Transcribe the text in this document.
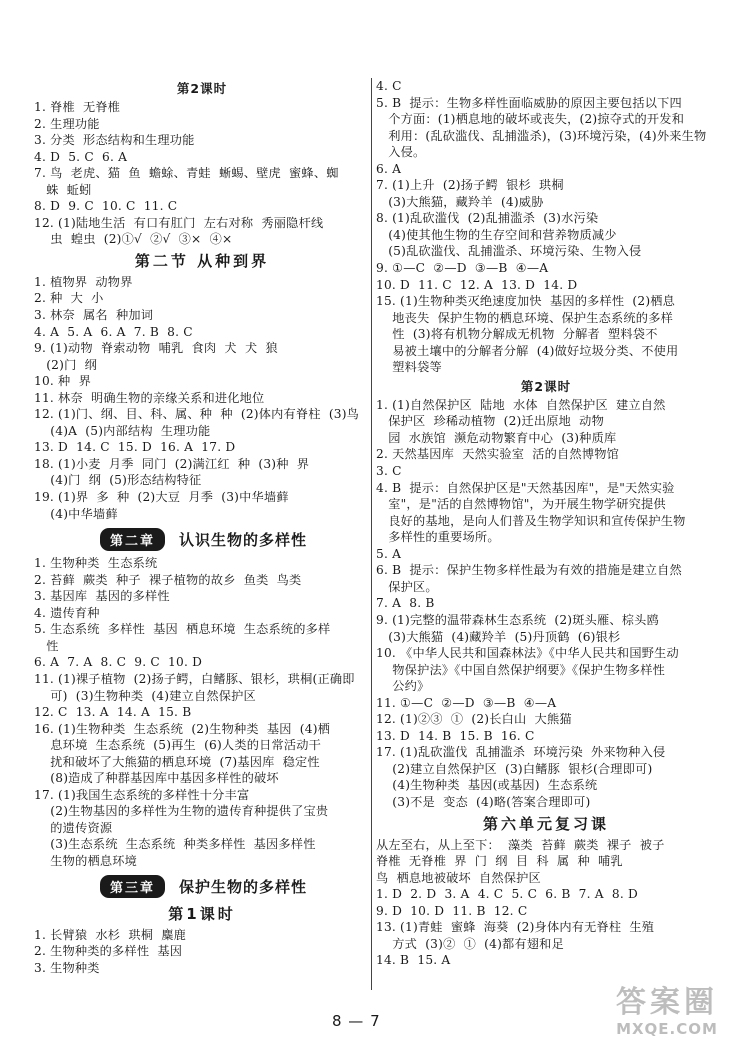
第2课时
1. 脊椎  无脊椎
2. 生理功能
3. 分类  形态结构和生理功能
4. D  5. C  6. A
7. 鸟  老虎、猫  鱼  蟾蜍、青蛙  蜥蜴、壁虎  蜜蜂、蜘
蛛  蚯蚓
8. D  9. C  10. C  11. C
12. (1)陆地生活  有口有肛门  左右对称  秀丽隐杆线
虫  蝗虫  (2)①√  ②√  ③×  ④×
第二节 从种到界
1. 植物界  动物界
2. 种  大  小
3. 林奈  属名  种加词
4. A  5. A  6. A  7. B  8. C
9. (1)动物  脊索动物  哺乳  食肉  犬  犬  狼
(2)门  纲
10. 种  界
11. 林奈  明确生物的亲缘关系和进化地位
12. (1)门、纲、目、科、属、种  种  (2)体内有脊柱  (3)鸟
(4)A  (5)内部结构  生理功能
13. D  14. C  15. D  16. A  17. D
18. (1)小麦  月季  同门  (2)满江红  种  (3)种  界
(4)门  纲  (5)形态结构特征
19. (1)界  多  种  (2)大豆  月季  (3)中华墙藓
(4)中华墙藓
第二章	认识生物的多样性
1. 生物种类  生态系统
2. 苔藓  蕨类  种子  裸子植物的故乡  鱼类  鸟类
3. 基因库  基因的多样性
4. 遗传育种
5. 生态系统  多样性  基因  栖息环境  生态系统的多样
性
6. A  7. A  8. C  9. C  10. D
11. (1)裸子植物  (2)扬子鳄，白鳍豚、银杉，珙桐(正确即
可)  (3)生物种类  (4)建立自然保护区
12. C  13. A  14. A  15. B
16. (1)生物种类  生态系统  (2)生物种类  基因  (4)栖
息环境  生态系统  (5)再生  (6)人类的日常活动干
扰和破坏了大熊猫的栖息环境  (7)基因库  稳定性
(8)造成了种群基因库中基因多样性的破坏
17. (1)我国生态系统的多样性十分丰富
(2)生物基因的多样性为生物的遗传育种提供了宝贵
的遗传资源
(3)生态系统  生态系统  种类多样性  基因多样性
生物的栖息环境
第三章	保护生物的多样性
第1课时
1. 长臂猿  水杉  珙桐  麋鹿
2. 生物种类的多样性  基因
3. 生物种类
4. C
5. B  提示：生物多样性面临威胁的原因主要包括以下四
个方面：(1)栖息地的破坏或丧失，(2)掠夺式的开发和
利用：(乱砍滥伐、乱捕滥杀)，(3)环境污染，(4)外来生物
入侵。
6. A
7. (1)上升  (2)扬子鳄  银杉  珙桐
(3)大熊猫，藏羚羊  (4)威胁
8. (1)乱砍滥伐  (2)乱捕滥杀  (3)水污染
(4)使其他生物的生存空间和营养物质减少
(5)乱砍滥伐、乱捕滥杀、环境污染、生物入侵
9. ①—C  ②—D  ③—B  ④—A
10. D  11. C  12. A  13. D  14. D
15. (1)生物种类灭绝速度加快  基因的多样性  (2)栖息
地丧失  保护生物的栖息环境、保护生态系统的多样
性  (3)将有机物分解成无机物  分解者  塑料袋不
易被土壤中的分解者分解  (4)做好垃圾分类、不使用
塑料袋等
第2课时
1. (1)自然保护区  陆地  水体  自然保护区  建立自然
保护区  珍稀动植物  (2)迁出原地  动物
园  水族馆  濒危动物繁育中心  (3)种质库
2. 天然基因库  天然实验室  活的自然博物馆
3. C
4. B  提示：自然保护区是"天然基因库"，是"天然实验
室"，是"活的自然博物馆"，为开展生物学研究提供
良好的基地，是向人们普及生物学知识和宣传保护生物
多样性的重要场所。
5. A
6. B  提示：保护生物多样性最为有效的措施是建立自然
保护区。
7. A  8. B
9. (1)完整的温带森林生态系统  (2)斑头雁、棕头鸥
(3)大熊猫  (4)藏羚羊  (5)丹顶鹤  (6)银杉
10. 《中华人民共和国森林法》《中华人民共和国野生动
物保护法》《中国自然保护纲要》《保护生物多样性
公约》
11. ①—C  ②—D  ③—B  ④—A
12. (1)②③  ①  (2)长白山  大熊猫
13. D  14. B  15. B  16. C
17. (1)乱砍滥伐  乱捕滥杀  环境污染  外来物种入侵
(2)建立自然保护区  (3)白鳍豚  银杉(合理即可)
(4)生物种类  基因(或基因)  生态系统
(3)不是  变态  (4)略(答案合理即可)
第六单元复习课
从左至右，从上至下：  藻类  苔藓  蕨类  裸子  被子
脊椎  无脊椎  界  门  纲  目  科  属  种  哺乳
鸟  栖息地被破坏  自然保护区
1. D  2. D  3. A  4. C  5. C  6. B  7. A  8. D
9. D  10. D  11. B  12. C
13. (1)青蛙  蜜蜂  海葵  (2)身体内有无脊柱  生殖
方式  (3)②  ①  (4)都有翅和足
14. B  15. A
8 — 7
答案圈
MXQE.COM
